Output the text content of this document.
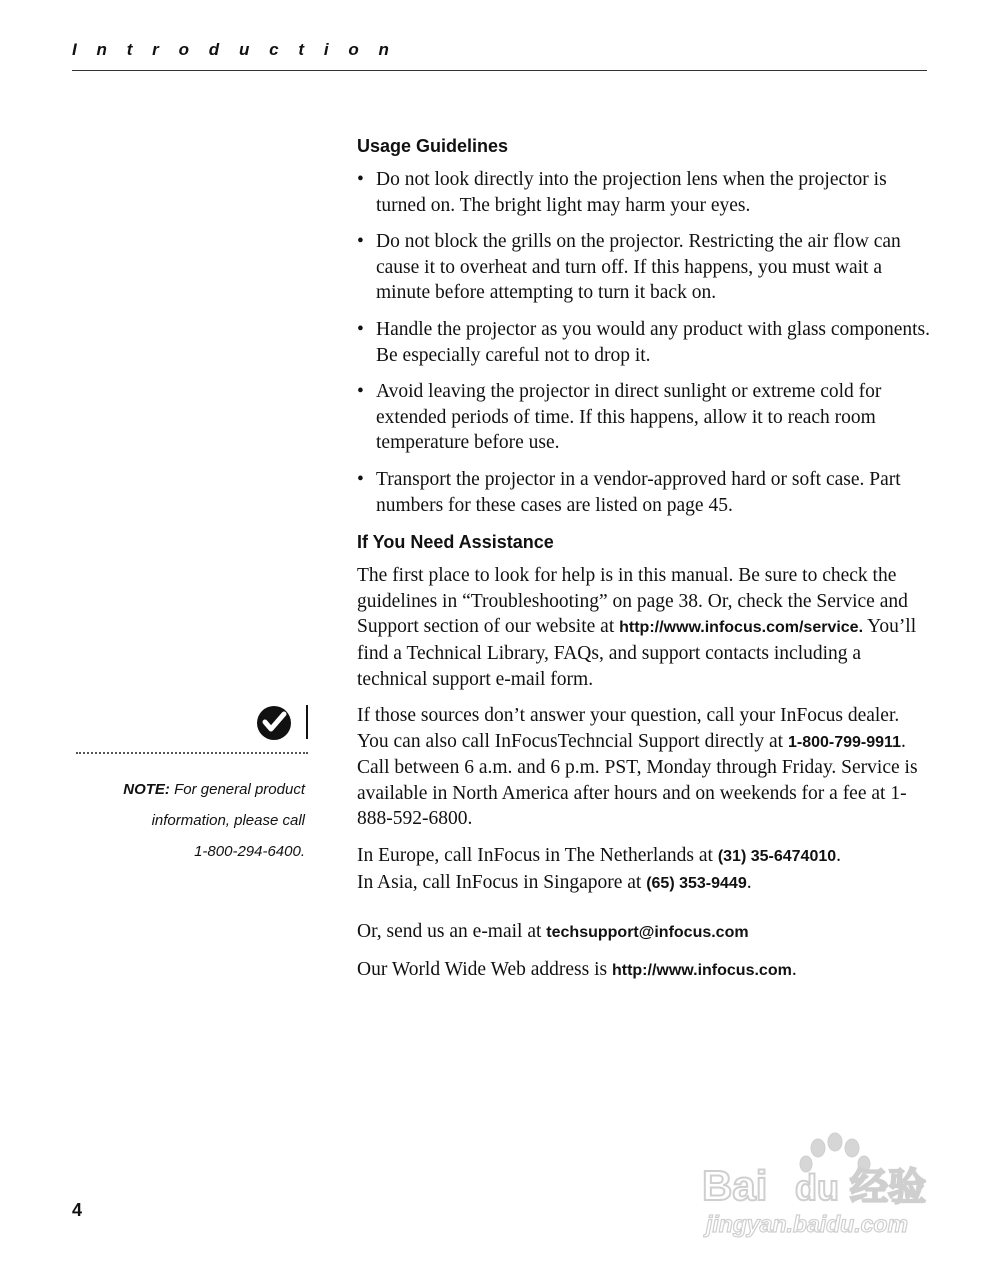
Introduction
Usage Guidelines
• Do not look directly into the projection lens when the projector is turned on. The bright light may harm your eyes.
• Do not block the grills on the projector. Restricting the air flow can cause it to overheat and turn off. If this happens, you must wait a minute before attempting to turn it back on.
• Handle the projector as you would any product with glass components. Be especially careful not to drop it.
• Avoid leaving the projector in direct sunlight or extreme cold for extended periods of time. If this happens, allow it to reach room temperature before use.
• Transport the projector in a vendor-approved hard or soft case. Part numbers for these cases are listed on page 45.
If You Need Assistance

The first place to look for help is in this manual. Be sure to check the guidelines in “Troubleshooting” on page 38. Or, check the Service and Support section of our website at http://www.infocus.com/service. You’ll find a Technical Library, FAQs, and support contacts including a technical support e-mail form.

If those sources don’t answer your question, call your InFocus dealer. You can also call InFocusTechncial Support directly at 1-800-799-9911. Call between 6 a.m. and 6 p.m. PST, Monday through Friday. Service is available in North America after hours and on weekends for a fee at 1-888-592-6800.

In Europe, call InFocus in The Netherlands at (31) 35-6474010.
In Asia, call InFocus in Singapore at (65) 353-9449.

Or, send us an e-mail at techsupport@infocus.com

Our World Wide Web address is http://www.infocus.com.

NOTE: For general product
information, please call
1-800-294-6400.
4
Bai du 经验
jingyan.baidu.com
